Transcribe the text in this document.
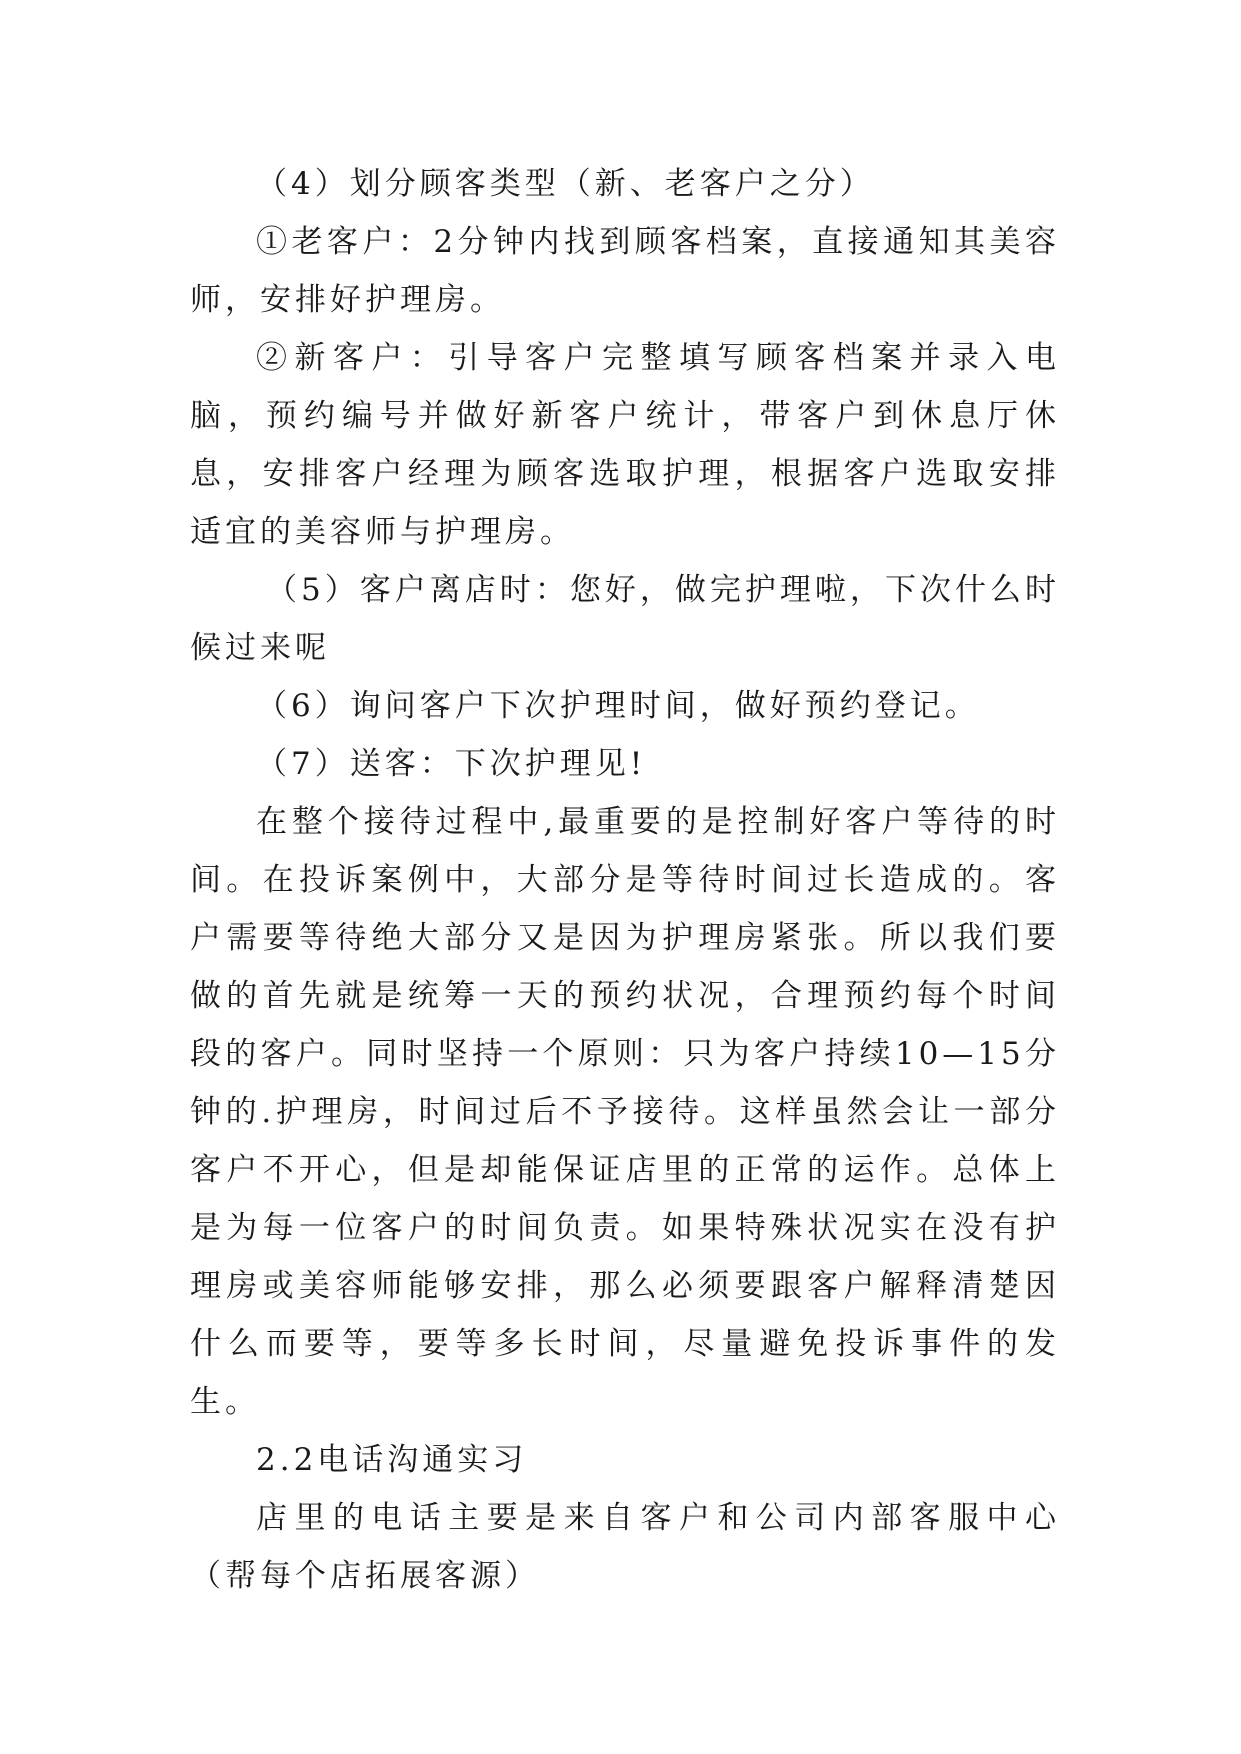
（4）划分顾客类型（新、老客户之分）

①老客户：2分钟内找到顾客档案，直接通知其美容师，安排好护理房。

②新客户：引导客户完整填写顾客档案并录入电脑，预约编号并做好新客户统计，带客户到休息厅休息，安排客户经理为顾客选取护理，根据客户选取安排适宜的美容师与护理房。

（5）客户离店时：您好，做完护理啦，下次什么时候过来呢

（6）询问客户下次护理时间，做好预约登记。

（7）送客：下次护理见!

在整个接待过程中,最重要的是控制好客户等待的时间。在投诉案例中，大部分是等待时间过长造成的。客户需要等待绝大部分又是因为护理房紧张。所以我们要做的首先就是统筹一天的预约状况，合理预约每个时间段的客户。同时坚持一个原则：只为客户持续10—15分钟的.护理房，时间过后不予接待。这样虽然会让一部分客户不开心，但是却能保证店里的正常的运作。总体上是为每一位客户的时间负责。如果特殊状况实在没有护理房或美容师能够安排，那么必须要跟客户解释清楚因什么而要等，要等多长时间，尽量避免投诉事件的发生。

2.2电话沟通实习

店里的电话主要是来自客户和公司内部客服中心（帮每个店拓展客源）
